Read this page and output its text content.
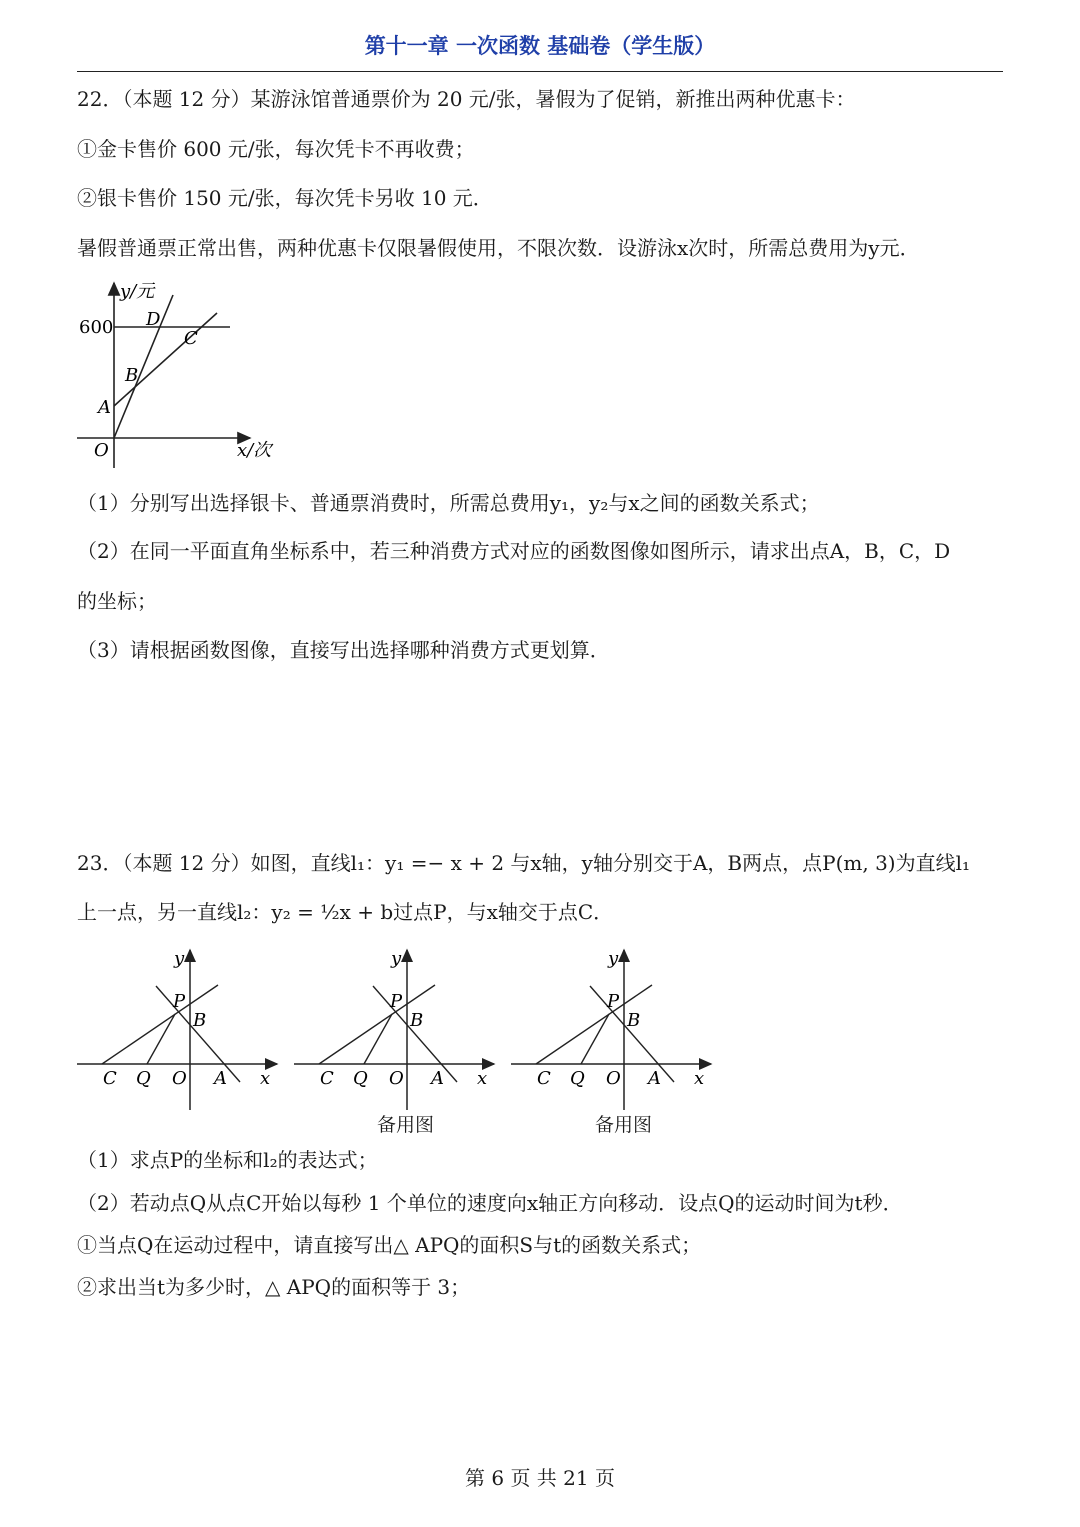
第十一章 一次函数 基础卷（学生版）
22．（本题 12 分）某游泳馆普通票价为 20 元/张，暑假为了促销，新推出两种优惠卡：
①金卡售价 600 元/张，每次凭卡不再收费；
②银卡售价 150 元/张，每次凭卡另收 10 元．
暑假普通票正常出售，两种优惠卡仅限暑假使用，不限次数．设游泳x次时，所需总费用为y元．
y/元
600 D
C
B
A
O	x/次
（1）分别写出选择银卡、普通票消费时，所需总费用y₁，y₂与x之间的函数关系式；
（2）在同一平面直角坐标系中，若三种消费方式对应的函数图像如图所示，请求出点A，B，C，D
的坐标；
（3）请根据函数图像，直接写出选择哪种消费方式更划算．
23．（本题 12 分）如图，直线l₁：y₁ =− x + 2 与x轴，y轴分别交于A，B两点，点P(m, 3)为直线l₁
上一点，另一直线l₂：y₂ = ½x + b过点P，与x轴交于点C．
y
P
B
C Q O A x
y
P
B
C Q O A x
y
P
B
C Q O A x
备用图	备用图
（1）求点P的坐标和l₂的表达式；
（2）若动点Q从点C开始以每秒 1 个单位的速度向x轴正方向移动．设点Q的运动时间为t秒．
①当点Q在运动过程中，请直接写出△ APQ的面积S与t的函数关系式；
②求出当t为多少时，△ APQ的面积等于 3；
第 6 页 共 21 页
